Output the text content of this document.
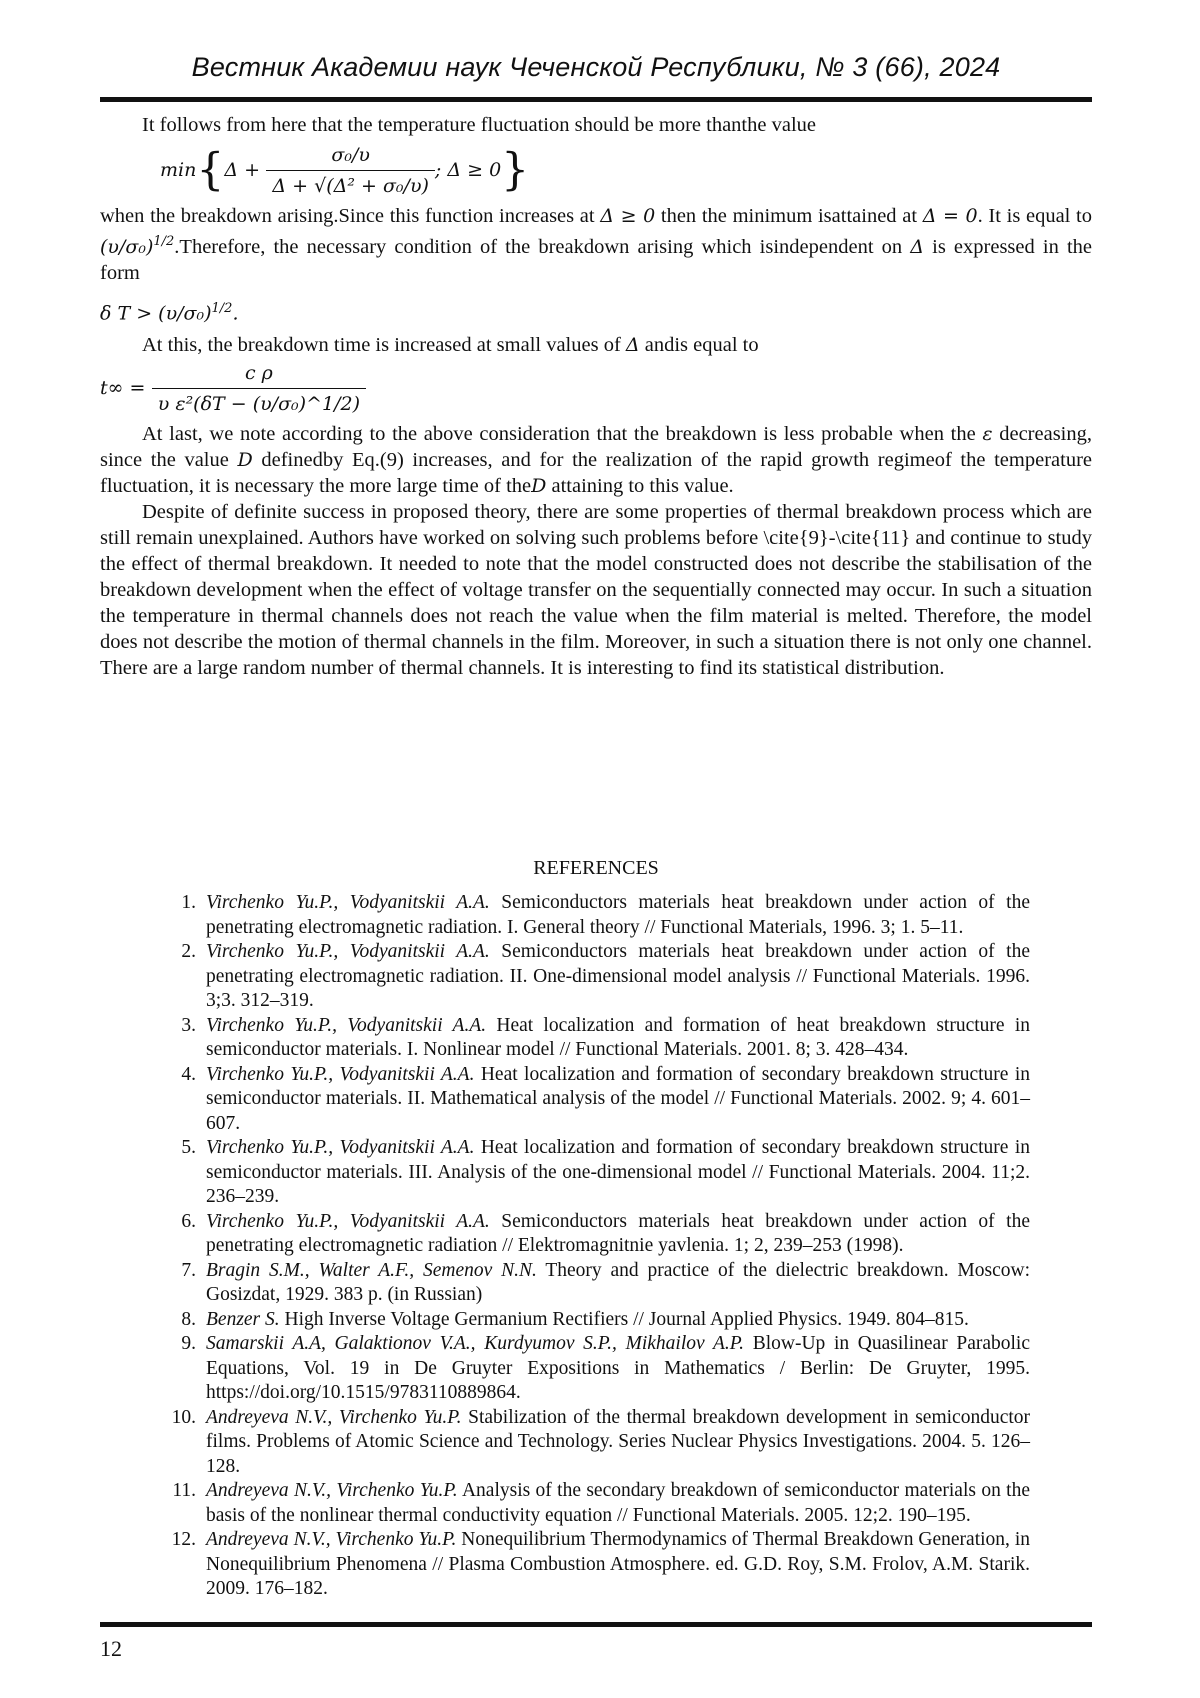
Вестник Академии наук Чеченской Республики, № 3 (66), 2024

It follows from here that the temperature fluctuation should be more thanthe value

$\min\{\Delta + \frac{\text{σ₀/υ}}{\text{Δ + √(Δ² + σ₀/υ)}}$ ; Δ ≥ 0}

when the breakdown arising.Since this function increases at Δ ≥ 0 then the minimum isattained at Δ = 0. It is equal to $(\upsilon/\sigma_0)^{1/2}.Therefore$, the necessary condition of the breakdown arising which isindependent on Δ is expressed in the form

δ $T > (\upsilon/\sigma_0)^{1/2}$.

At this, the breakdown time is increased at small values of Δ andis equal to

$t\infty = \frac{\text{c ρ}}{\text{υ ε²(δT − (υ/σ₀)\textasciicircum{}1/2)}}$

At last, we note according to the above consideration that the breakdown is less probable when the ε decreasing, since the value D definedby Eq.(9) increases, and for the realization of the rapid growth regimeof the temperature fluctuation, it is necessary the more large time of theD attaining to this value.

Despite of definite success in proposed theory, there are some properties of thermal breakdown process which are still remain unexplained. Authors have worked on solving such problems before \cite{9}-\cite{11} and continue to study the effect of thermal breakdown. It needed to note that the model constructed does not describe the stabilisation of the breakdown development when the effect of voltage transfer on the sequentially connected may occur. In such a situation the temperature in thermal channels does not reach the value when the film material is melted. Therefore, the model does not describe the motion of thermal channels in the film. Moreover, in such a situation there is not only one channel. There are a large random number of thermal channels. It is interesting to find its statistical distribution.

REFERENCES
1. Virchenko Yu.P., Vodyanitskii A.A. Semiconductors materials heat breakdown under action of the penetrating electromagnetic radiation. I. General theory // Functional Materials, 1996. 3; 1. 5–11.
2. Virchenko Yu.P., Vodyanitskii A.A. Semiconductors materials heat breakdown under action of the penetrating electromagnetic radiation. II. One-dimensional model analysis // Functional Materials. 1996. 3;3. 312–319.
3. Virchenko Yu.P., Vodyanitskii A.A. Heat localization and formation of heat breakdown structure in semiconductor materials. I. Nonlinear model // Functional Materials. 2001. 8; 3. 428–434.
4. Virchenko Yu.P., Vodyanitskii A.A. Heat localization and formation of secondary breakdown structure in semiconductor materials. II. Mathematical analysis of the model // Functional Materials. 2002. 9; 4. 601–607.
5. Virchenko Yu.P., Vodyanitskii A.A. Heat localization and formation of secondary breakdown structure in semiconductor materials. III. Analysis of the one-dimensional model // Functional Materials. 2004. 11;2. 236–239.
6. Virchenko Yu.P., Vodyanitskii A.A. Semiconductors materials heat breakdown under action of the penetrating electromagnetic radiation // Elektromagnitnie yavlenia. 1; 2, 239–253 (1998).
7. Bragin S.M., Walter A.F., Semenov N.N. Theory and practice of the dielectric breakdown. Moscow: Gosizdat, 1929. 383 p. (in Russian)
8. Benzer S. High Inverse Voltage Germanium Rectifiers // Journal Applied Physics. 1949. 804–815.
9. Samarskii A.A, Galaktionov V.A., Kurdyumov S.P., Mikhailov A.P. Blow-Up in Quasilinear Parabolic Equations, Vol. 19 in De Gruyter Expositions in Mathematics / Berlin: De Gruyter, 1995. https://doi.org/10.1515/9783110889864.
10. Andreyeva N.V., Virchenko Yu.P. Stabilization of the thermal breakdown development in semiconductor films. Problems of Atomic Science and Technology. Series Nuclear Physics Investigations. 2004. 5. 126–128.
11. Andreyeva N.V., Virchenko Yu.P. Analysis of the secondary breakdown of semiconductor materials on the basis of the nonlinear thermal conductivity equation // Functional Materials. 2005. 12;2. 190–195.
12. Andreyeva N.V., Virchenko Yu.P. Nonequilibrium Thermodynamics of Thermal Breakdown Generation, in Nonequilibrium Phenomena // Plasma Combustion Atmosphere. ed. G.D. Roy, S.M. Frolov, A.M. Starik. 2009. 176–182.
12
